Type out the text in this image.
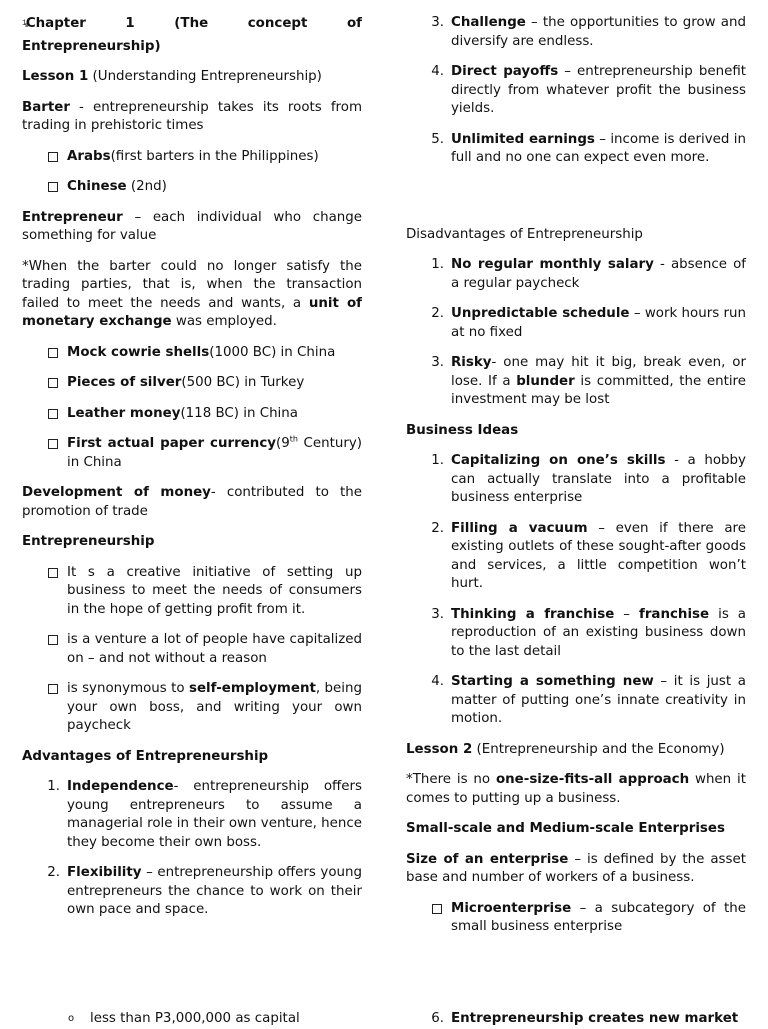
1̶̶̶̶̶̶͍̺͘ͅChapter 1 (The concept of

Entrepreneurship)

Lesson 1 (Understanding Entrepreneurship)

Barter - entrepreneurship takes its roots from trading in prehistoric times

Arabs(first barters in the Philippines)
Chinese (2nd)

Entrepreneur – each individual who change something for value

*When the barter could no longer satisfy the trading parties, that is, when the transaction failed to meet the needs and wants, a unit of monetary exchange was employed.

Mock cowrie shells(1000 BC) in China
Pieces of silver(500 BC) in Turkey
Leather money(118 BC) in China
First actual paper currency(9th Century) in China

Development of money- contributed to the promotion of trade

Entrepreneurship

It s a creative initiative of setting up business to meet the needs of consumers in the hope of getting profit from it.
is a venture a lot of people have capitalized on – and not without a reason
is synonymous to self-employment, being your own boss, and writing your own paycheck

Advantages of Entrepreneurship

1. Independence- entrepreneurship offers young entrepreneurs to assume a managerial role in their own venture, hence they become their own boss.
2. Flexibility – entrepreneurship offers young entrepreneurs the chance to work on their own pace and space.
o less than P3,000,000 as capital
3. Challenge – the opportunities to grow and diversify are endless.
4. Direct payoffs – entrepreneurship benefit directly from whatever profit the business yields.
5. Unlimited earnings – income is derived in full and no one can expect even more.

Disadvantages of Entrepreneurship

1. No regular monthly salary - absence of a regular paycheck
2. Unpredictable schedule – work hours run at no fixed
3. Risky- one may hit it big, break even, or lose. If a blunder is committed, the entire investment may be lost

Business Ideas

1. Capitalizing on one’s skills - a hobby can actually translate into a profitable business enterprise
2. Filling a vacuum – even if there are existing outlets of these sought-after goods and services, a little competition won’t hurt.
3. Thinking a franchise – franchise is a reproduction of an existing business down to the last detail
4. Starting a something new – it is just a matter of putting one’s innate creativity in motion.

Lesson 2 (Entrepreneurship and the Economy)

*There is no one-size-fits-all approach when it comes to putting up a business.

Small-scale and Medium-scale Enterprises

Size of an enterprise – is defined by the asset base and number of workers of a business.

Microenterprise – a subcategory of the small business enterprise
6. Entrepreneurship creates new market
